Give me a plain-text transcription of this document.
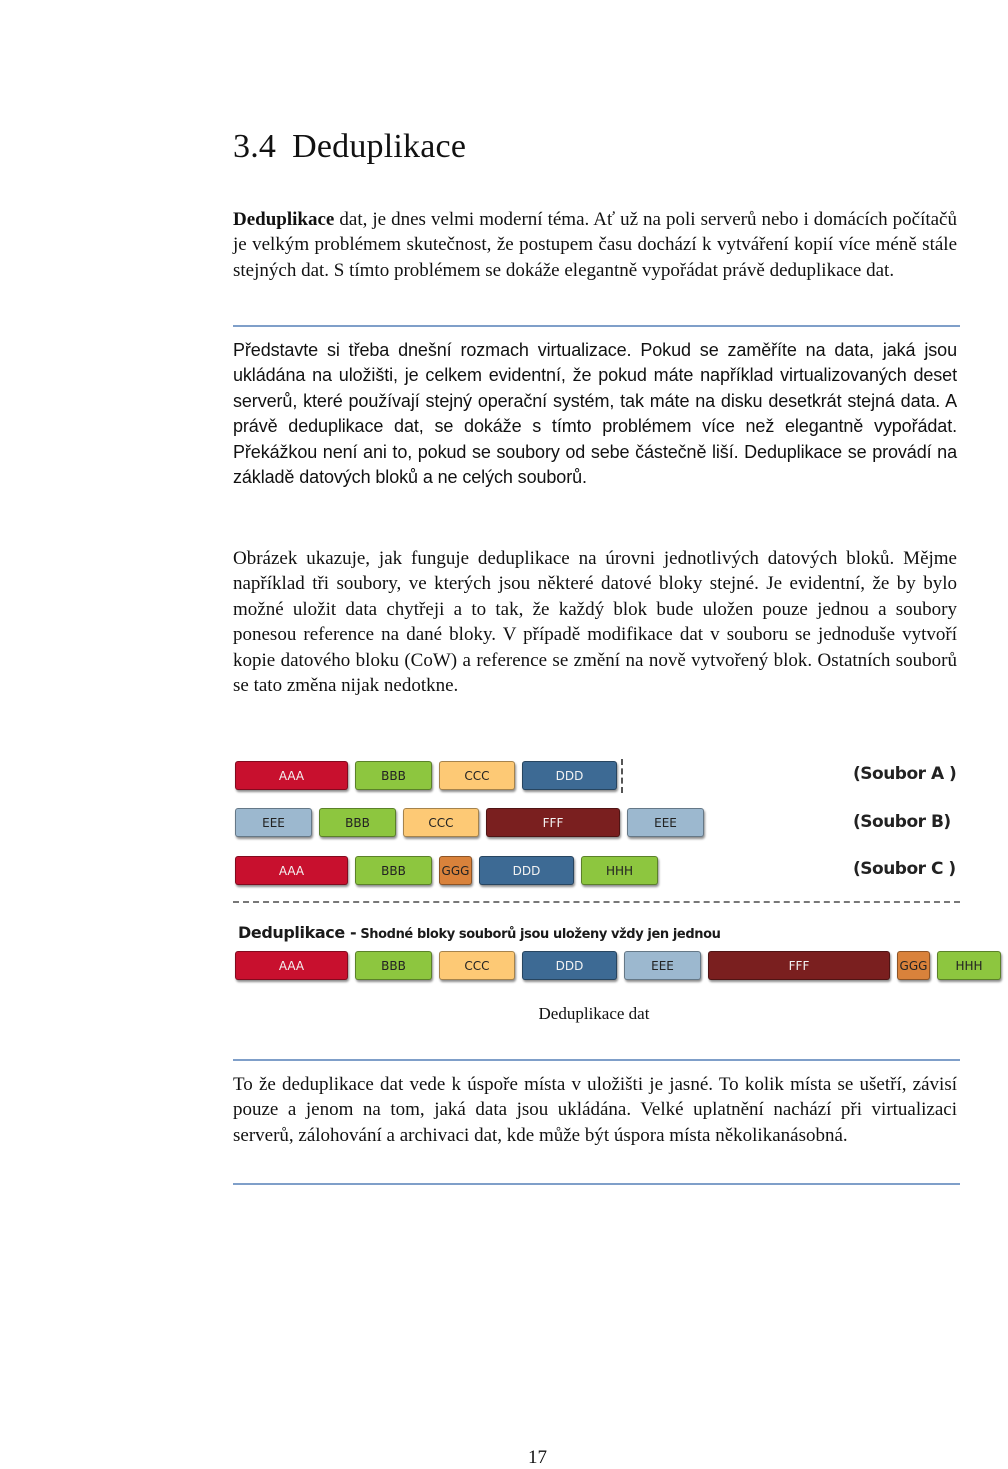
3.4 Deduplikace

Deduplikace dat, je dnes velmi moderní téma. Ať už na poli serverů nebo i domácích počítačů je velkým problémem skutečnost, že postupem času dochází k vytváření kopií více méně stále stejných dat. S tímto problémem se dokáže elegantně vypořádat právě deduplikace dat.

Představte si třeba dnešní rozmach virtualizace. Pokud se zaměříte na data, jaká jsou ukládána na uložišti, je celkem evidentní, že pokud máte například virtualizovaných deset serverů, které používají stejný operační systém, tak máte na disku desetkrát stejná data. A právě deduplikace dat, se dokáže s tímto problémem více než elegantně vypořádat. Překážkou není ani to, pokud se soubory od sebe částečně liší. Deduplikace se provádí na základě datových bloků a ne celých souborů.

Obrázek ukazuje, jak funguje deduplikace na úrovni jednotlivých datových bloků. Mějme například tři soubory, ve kterých jsou některé datové bloky stejné. Je evidentní, že by bylo možné uložit data chytřeji a to tak, že každý blok bude uložen pouze jednou a soubory ponesou reference na dané bloky. V případě modifikace dat v souboru se jednoduše vytvoří kopie datového bloku (CoW) a reference se změní na nově vytvořený blok. Ostatních souborů se tato změna nijak nedotkne.

AAA	BBB	CCC	DDD	(Soubor A )
EEE	BBB	CCC	FFF	EEE	(Soubor B)
AAA	BBB	GGG	DDD	HHH	(Soubor C )
Deduplikace - Shodné bloky souborů jsou uloženy vždy jen jednou
AAA	BBB	CCC	DDD	EEE	FFF	GGG	HHH
Deduplikace dat

To že deduplikace dat vede k úspoře místa v uložišti je jasné. To kolik místa se ušetří, závisí pouze a jenom na tom, jaká data jsou ukládána. Velké uplatnění nachází při virtualizaci serverů, zálohování a archivaci dat, kde může být úspora místa několikanásobná.

17
